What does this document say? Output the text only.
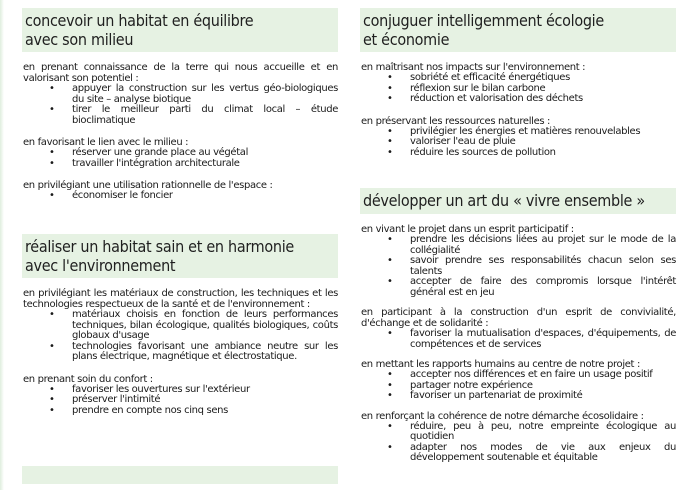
concevoir un habitat en équilibre
avec son milieu

en prenant connaissance de la terre qui nous accueille et en valorisant son potentiel :

• appuyer la construction sur les vertus géo-biologiques du site – analyse biotique
• tirer le meilleur parti du climat local – étude bioclimatique

en favorisant le lien avec le milieu :

• réserver une grande place au végétal
• travailler l'intégration architecturale

en privilégiant une utilisation rationnelle de l'espace :

• économiser le foncier
réaliser un habitat sain et en harmonie
avec l'environnement

en privilégiant les matériaux de construction, les techniques et les technologies respectueux de la santé et de l'environnement :

• matériaux choisis en fonction de leurs performances techniques, bilan écologique, qualités biologiques, coûts globaux d'usage
• technologies favorisant une ambiance neutre sur les plans électrique, magnétique et électrostatique.

en prenant soin du confort :

• favoriser les ouvertures sur l'extérieur
• préserver l'intimité
• prendre en compte nos cinq sens
conjuguer intelligemment écologie
et économie

en maîtrisant nos impacts sur l'environnement :

• sobriété et efficacité énergétiques
• réflexion sur le bilan carbone
• réduction et valorisation des déchets

en préservant les ressources naturelles :

• privilégier les énergies et matières renouvelables
• valoriser l'eau de pluie
• réduire les sources de pollution
développer un art du « vivre ensemble »

en vivant le projet dans un esprit participatif :

• prendre les décisions liées au projet sur le mode de la collégialité
• savoir prendre ses responsabilités chacun selon ses talents
• accepter de faire des compromis lorsque l'intérêt général est en jeu

en participant à la construction d'un esprit de convivialité, d'échange et de solidarité :

• favoriser la mutualisation d'espaces, d'équipements, de compétences et de services

en mettant les rapports humains au centre de notre projet :

• accepter nos différences et en faire un usage positif
• partager notre expérience
• favoriser un partenariat de proximité

en renforçant la cohérence de notre démarche écosolidaire :

• réduire, peu à peu, notre empreinte écologique au quotidien
• adapter nos modes de vie aux enjeux du développement soutenable et équitable
